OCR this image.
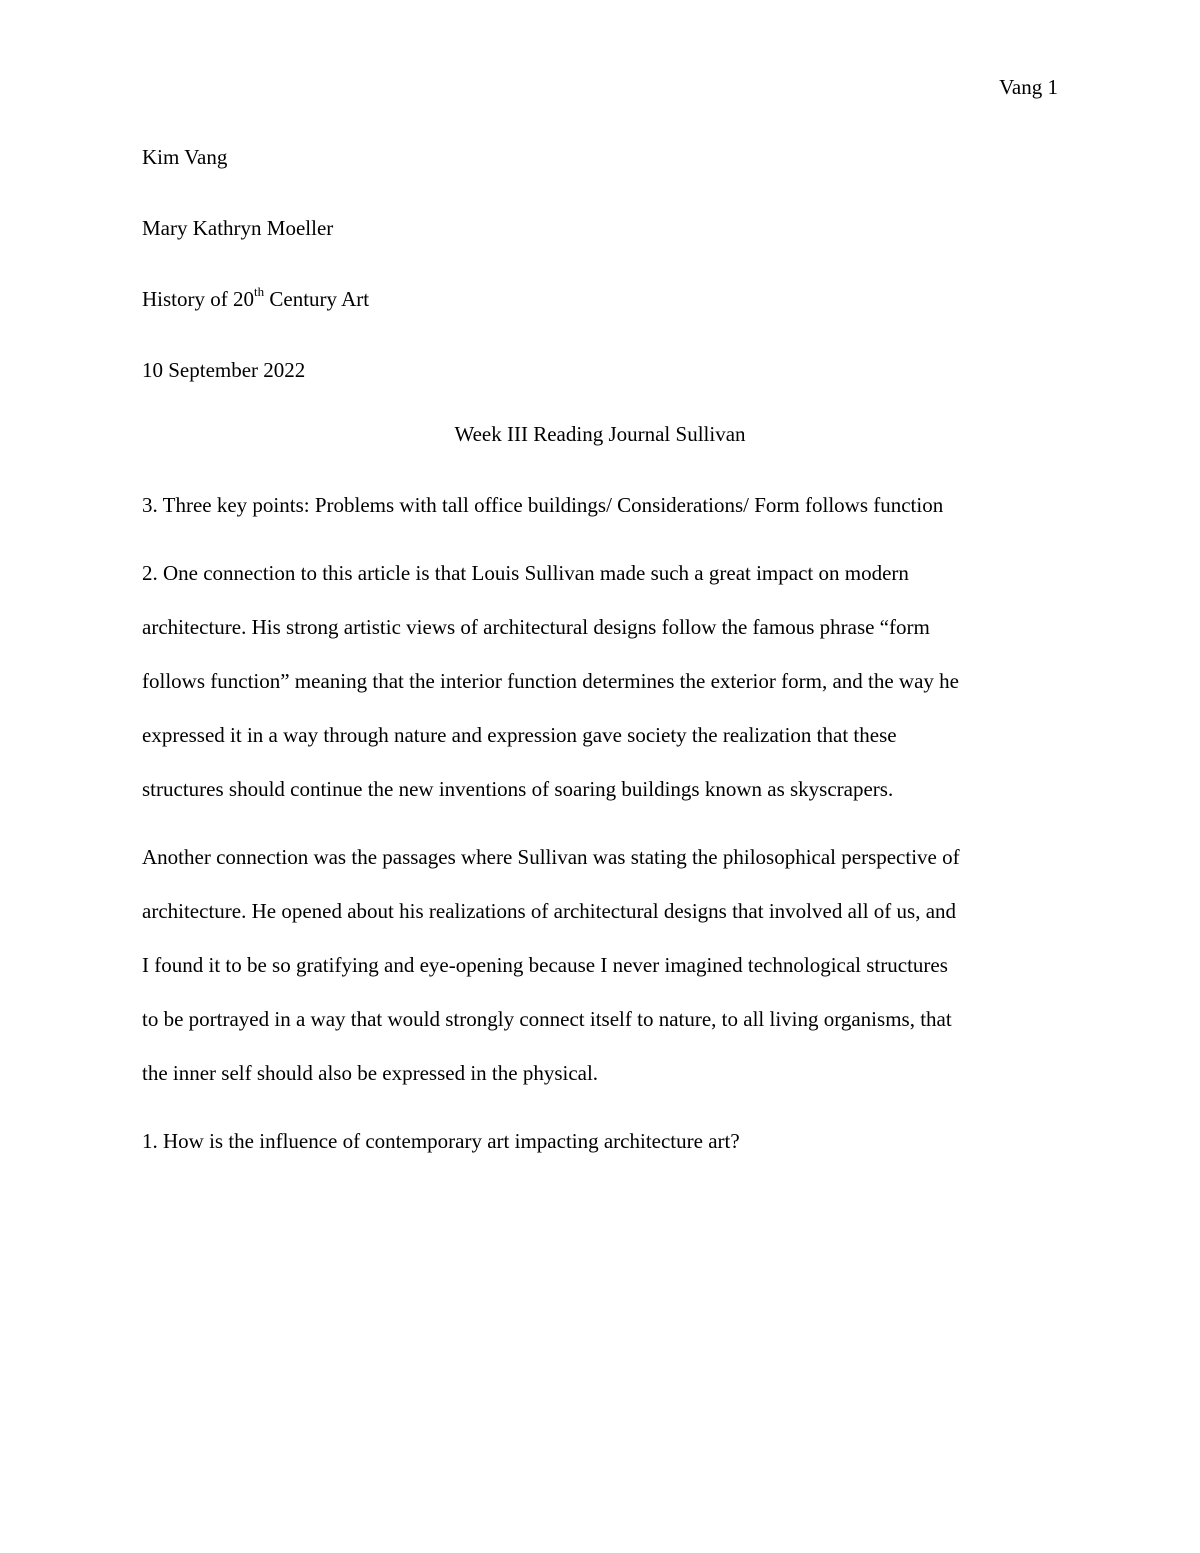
Vang 1

Kim Vang

Mary Kathryn Moeller

History of 20th Century Art

10 September 2022

Week III Reading Journal Sullivan

3. Three key points: Problems with tall office buildings/ Considerations/ Form follows function

2. One connection to this article is that Louis Sullivan made such a great impact on modern
architecture. His strong artistic views of architectural designs follow the famous phrase “form
follows function” meaning that the interior function determines the exterior form, and the way he
expressed it in a way through nature and expression gave society the realization that these
structures should continue the new inventions of soaring buildings known as skyscrapers.

Another connection was the passages where Sullivan was stating the philosophical perspective of
architecture. He opened about his realizations of architectural designs that involved all of us, and
I found it to be so gratifying and eye-opening because I never imagined technological structures
to be portrayed in a way that would strongly connect itself to nature, to all living organisms, that
the inner self should also be expressed in the physical.

1. How is the influence of contemporary art impacting architecture art?
